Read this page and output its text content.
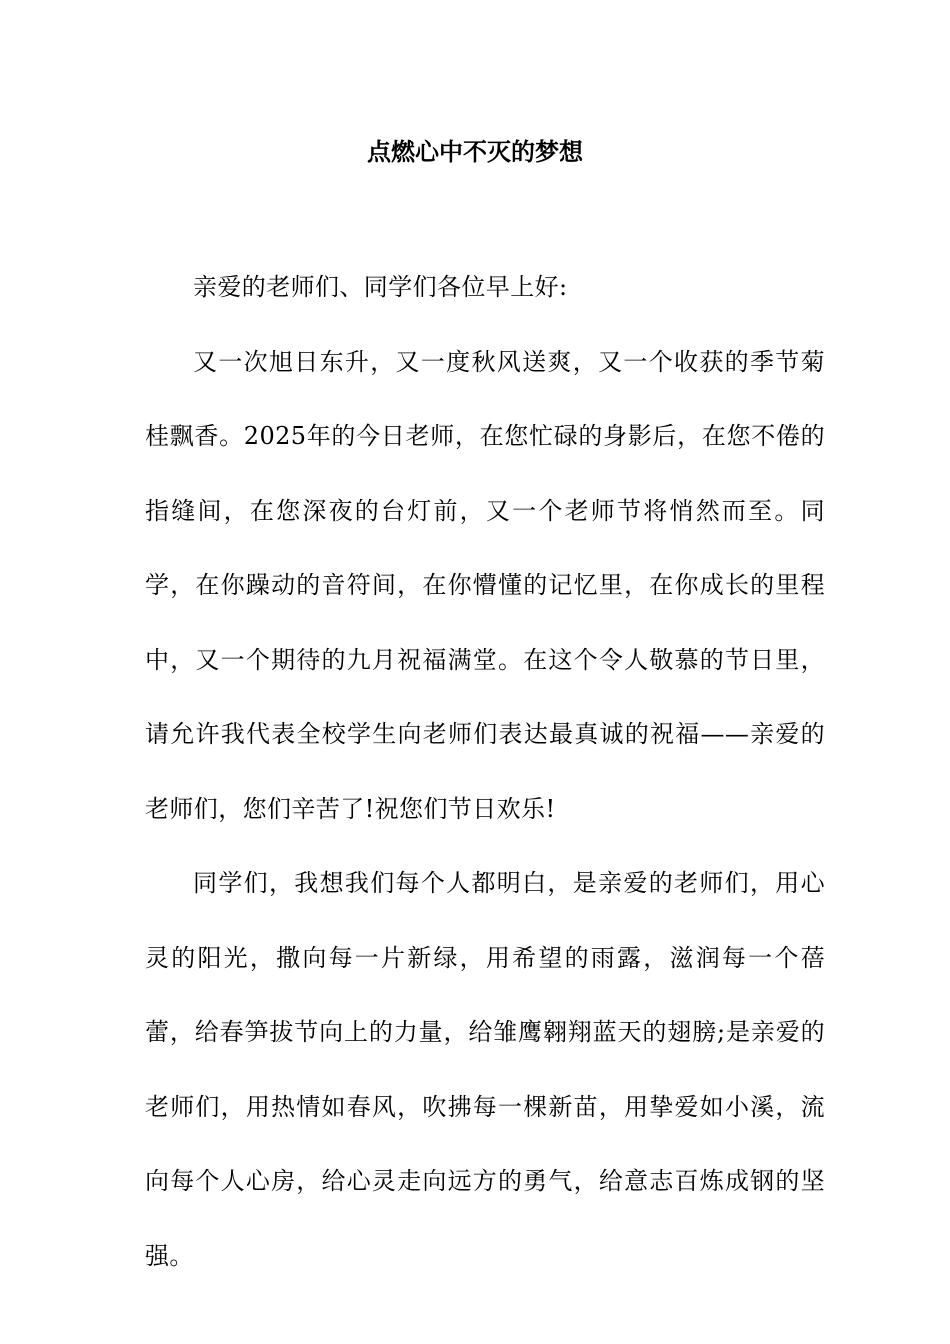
点燃心中不灭的梦想

亲爱的老师们、同学们各位早上好:

又一次旭日东升，又一度秋风送爽，又一个收获的季节菊桂飘香。2025年的今日老师，在您忙碌的身影后，在您不倦的指缝间，在您深夜的台灯前，又一个老师节将悄然而至。同学，在你躁动的音符间，在你懵懂的记忆里，在你成长的里程中，又一个期待的九月祝福满堂。在这个令人敬慕的节日里，请允许我代表全校学生向老师们表达最真诚的祝福——亲爱的老师们，您们辛苦了!祝您们节日欢乐!

同学们，我想我们每个人都明白，是亲爱的老师们，用心灵的阳光，撒向每一片新绿，用希望的雨露，滋润每一个蓓蕾，给春笋拔节向上的力量，给雏鹰翱翔蓝天的翅膀;是亲爱的老师们，用热情如春风，吹拂每一棵新苗，用挚爱如小溪，流向每个人心房，给心灵走向远方的勇气，给意志百炼成钢的坚强。
